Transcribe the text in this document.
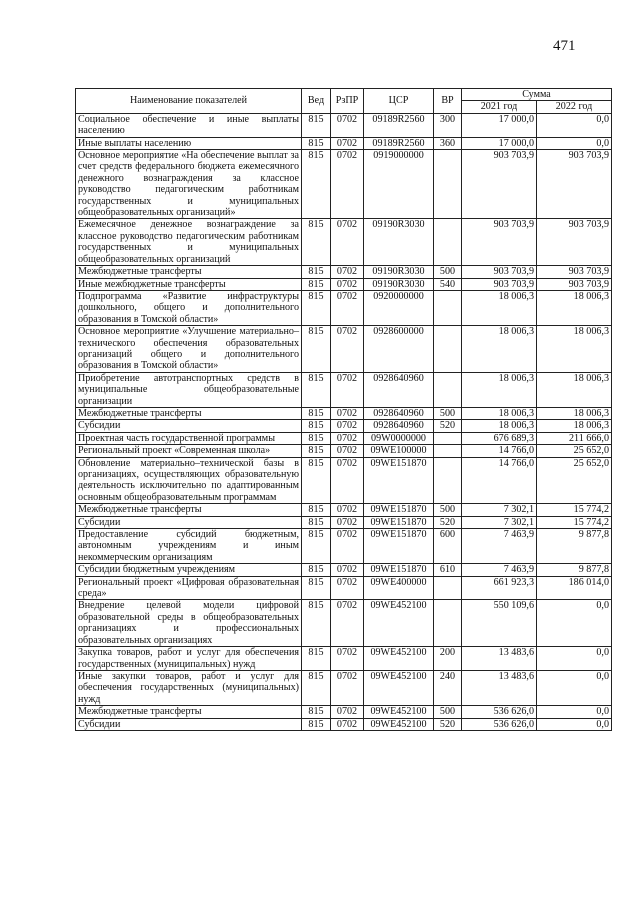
471
Наименование показателей	Вед	РзПР	ЦСР	ВР	Сумма	
					2021 год	2022 год
Социальное обеспечение и иные выплаты населению	815	0702	09189R2560	300	17 000,0	0,0
Иные выплаты населению	815	0702	09189R2560	360	17 000,0	0,0
Основное мероприятие «На обеспечение выплат за счет средств федерального бюджета ежемесячного денежного вознаграждения за классное руководство педагогическим работникам государственных и муниципальных общеобразовательных организаций»	815	0702	0919000000		903 703,9	903 703,9
Ежемесячное денежное вознаграждение за классное руководство педагогическим работникам государственных и муниципальных общеобразовательных организаций	815	0702	09190R3030		903 703,9	903 703,9
Межбюджетные трансферты	815	0702	09190R3030	500	903 703,9	903 703,9
Иные межбюджетные трансферты	815	0702	09190R3030	540	903 703,9	903 703,9
Подпрограмма «Развитие инфраструктуры дошкольного, общего и дополнительного образования в Томской области»	815	0702	0920000000		18 006,3	18 006,3
Основное мероприятие «Улучшение материально–технического обеспечения образовательных организаций общего и дополнительного образования в Томской области»	815	0702	0928600000		18 006,3	18 006,3
Приобретение автотранспортных средств в муниципальные общеобразовательные организации	815	0702	0928640960		18 006,3	18 006,3
Межбюджетные трансферты	815	0702	0928640960	500	18 006,3	18 006,3
Субсидии	815	0702	0928640960	520	18 006,3	18 006,3
Проектная часть государственной программы	815	0702	09W0000000		676 689,3	211 666,0
Региональный проект «Современная школа»	815	0702	09WE100000		14 766,0	25 652,0
Обновление материально–технической базы в организациях, осуществляющих образовательную деятельность исключительно по адаптированным основным общеобразовательным программам	815	0702	09WE151870		14 766,0	25 652,0
Межбюджетные трансферты	815	0702	09WE151870	500	7 302,1	15 774,2
Субсидии	815	0702	09WE151870	520	7 302,1	15 774,2
Предоставление субсидий бюджетным, автономным учреждениям и иным некоммерческим организациям	815	0702	09WE151870	600	7 463,9	9 877,8
Субсидии бюджетным учреждениям	815	0702	09WE151870	610	7 463,9	9 877,8
Региональный проект «Цифровая образовательная среда»	815	0702	09WE400000		661 923,3	186 014,0
Внедрение целевой модели цифровой образовательной среды в общеобразовательных организациях и профессиональных образовательных организациях	815	0702	09WE452100		550 109,6	0,0
Закупка товаров, работ и услуг для обеспечения государственных (муниципальных) нужд	815	0702	09WE452100	200	13 483,6	0,0
Иные закупки товаров, работ и услуг для обеспечения государственных (муниципальных) нужд	815	0702	09WE452100	240	13 483,6	0,0
Межбюджетные трансферты	815	0702	09WE452100	500	536 626,0	0,0
Субсидии	815	0702	09WE452100	520	536 626,0	0,0
